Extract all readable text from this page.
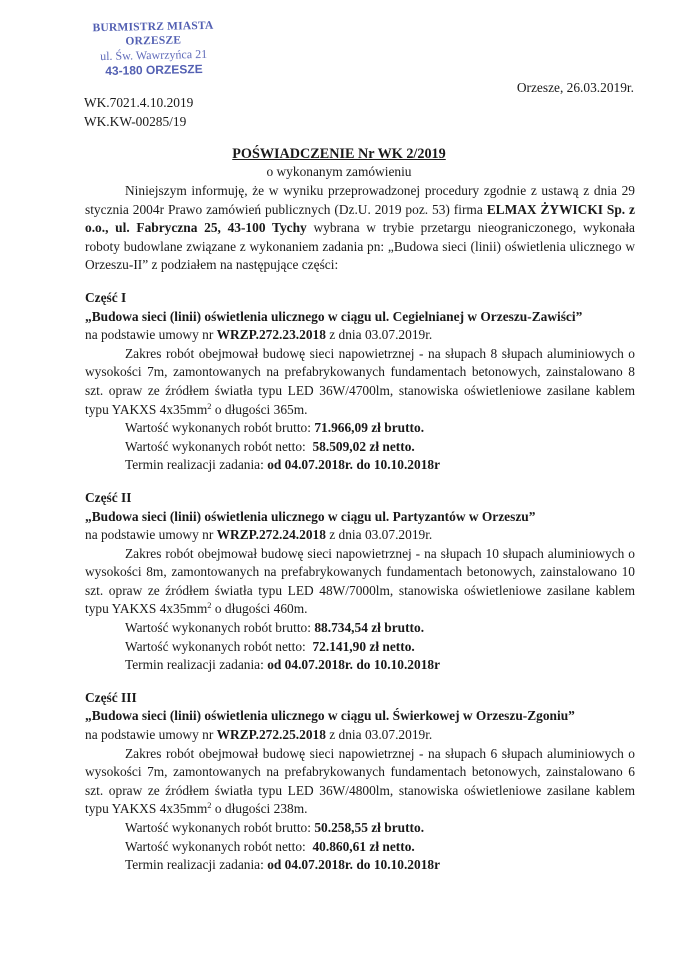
BURMISTRZ MIASTA ORZESZE
ul. Św. Wawrzyńca 21
43-180 ORZESZE
Orzesze, 26.03.2019r.
WK.7021.4.10.2019
WK.KW-00285/19
POŚWIADCZENIE Nr WK 2/2019
o wykonanym zamówieniu

Niniejszym informuję, że w wyniku przeprowadzonej procedury zgodnie z ustawą z dnia 29 stycznia 2004r Prawo zamówień publicznych (Dz.U. 2019 poz. 53) firma ELMAX ŻYWICKI Sp. z o.o., ul. Fabryczna 25, 43-100 Tychy wybrana w trybie przetargu nieograniczonego, wykonała roboty budowlane związane z wykonaniem zadania pn: „Budowa sieci (linii) oświetlenia ulicznego w Orzeszu-II” z podziałem na następujące części:

Część I

„Budowa sieci (linii) oświetlenia ulicznego w ciągu ul. Cegielnianej w Orzeszu-Zawiści”

na podstawie umowy nr WRZP.272.23.2018 z dnia 03.07.2019r.

Zakres robót obejmował budowę sieci napowietrznej - na słupach 8 słupach aluminiowych o wysokości 7m, zamontowanych na prefabrykowanych fundamentach betonowych, zainstalowano 8 szt. opraw ze źródłem światła typu LED 36W/4700lm, stanowiska oświetleniowe zasilane kablem typu YAKXS $4x35mm^2$ o długości 365m.

Wartość wykonanych robót brutto: 71.966,09 zł brutto.

Wartość wykonanych robót netto:  58.509,02 zł netto.

Termin realizacji zadania: od 04.07.2018r. do 10.10.2018r

Część II

„Budowa sieci (linii) oświetlenia ulicznego w ciągu ul. Partyzantów w Orzeszu”

na podstawie umowy nr WRZP.272.24.2018 z dnia 03.07.2019r.

Zakres robót obejmował budowę sieci napowietrznej - na słupach 10 słupach aluminiowych o wysokości 8m, zamontowanych na prefabrykowanych fundamentach betonowych, zainstalowano 10 szt. opraw ze źródłem światła typu LED 48W/7000lm, stanowiska oświetleniowe zasilane kablem typu YAKXS $4x35mm^2$ o długości 460m.

Wartość wykonanych robót brutto: 88.734,54 zł brutto.

Wartość wykonanych robót netto:  72.141,90 zł netto.

Termin realizacji zadania: od 04.07.2018r. do 10.10.2018r

Część III

„Budowa sieci (linii) oświetlenia ulicznego w ciągu ul. Świerkowej w Orzeszu-Zgoniu”

na podstawie umowy nr WRZP.272.25.2018 z dnia 03.07.2019r.

Zakres robót obejmował budowę sieci napowietrznej - na słupach 6 słupach aluminiowych o wysokości 7m, zamontowanych na prefabrykowanych fundamentach betonowych, zainstalowano 6 szt. opraw ze źródłem światła typu LED 36W/4800lm, stanowiska oświetleniowe zasilane kablem typu YAKXS $4x35mm^2$ o długości 238m.

Wartość wykonanych robót brutto: 50.258,55 zł brutto.

Wartość wykonanych robót netto:  40.860,61 zł netto.

Termin realizacji zadania: od 04.07.2018r. do 10.10.2018r
